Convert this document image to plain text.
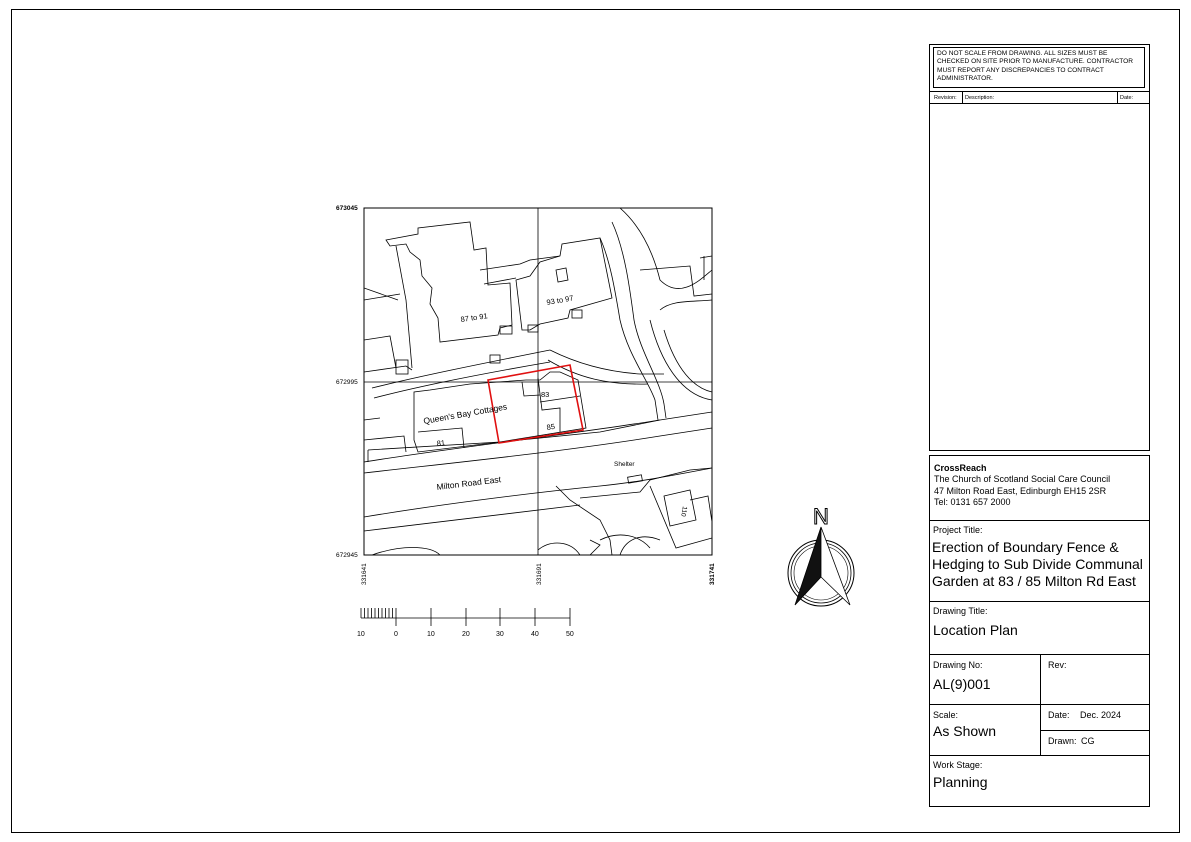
673045
672995
672945
331641	331691	331741
87 to 91
93 to 97
Queen's Bay Cottages
83
85
81
Milton Road East
Shelter
110
10	0	10	20	30	40	50
N
DO NOT SCALE FROM DRAWING. ALL SIZES MUST BE CHECKED ON SITE PRIOR TO MANUFACTURE. CONTRACTOR MUST REPORT ANY DISCREPANCIES TO CONTRACT ADMINISTRATOR.
Revision: Description:	Date:
CrossReach
The Church of Scotland Social Care Council
47 Milton Road East, Edinburgh EH15 2SR
Tel: 0131 657 2000
Project Title:
Erection of Boundary Fence &
Hedging to Sub Divide Communal
Garden at 83 / 85 Milton Rd East
Drawing Title:
Location Plan
Drawing No:
AL(9)001
Rev:
Scale:
As Shown
Date: Dec. 2024
Drawn: CG
Work Stage:
Planning
